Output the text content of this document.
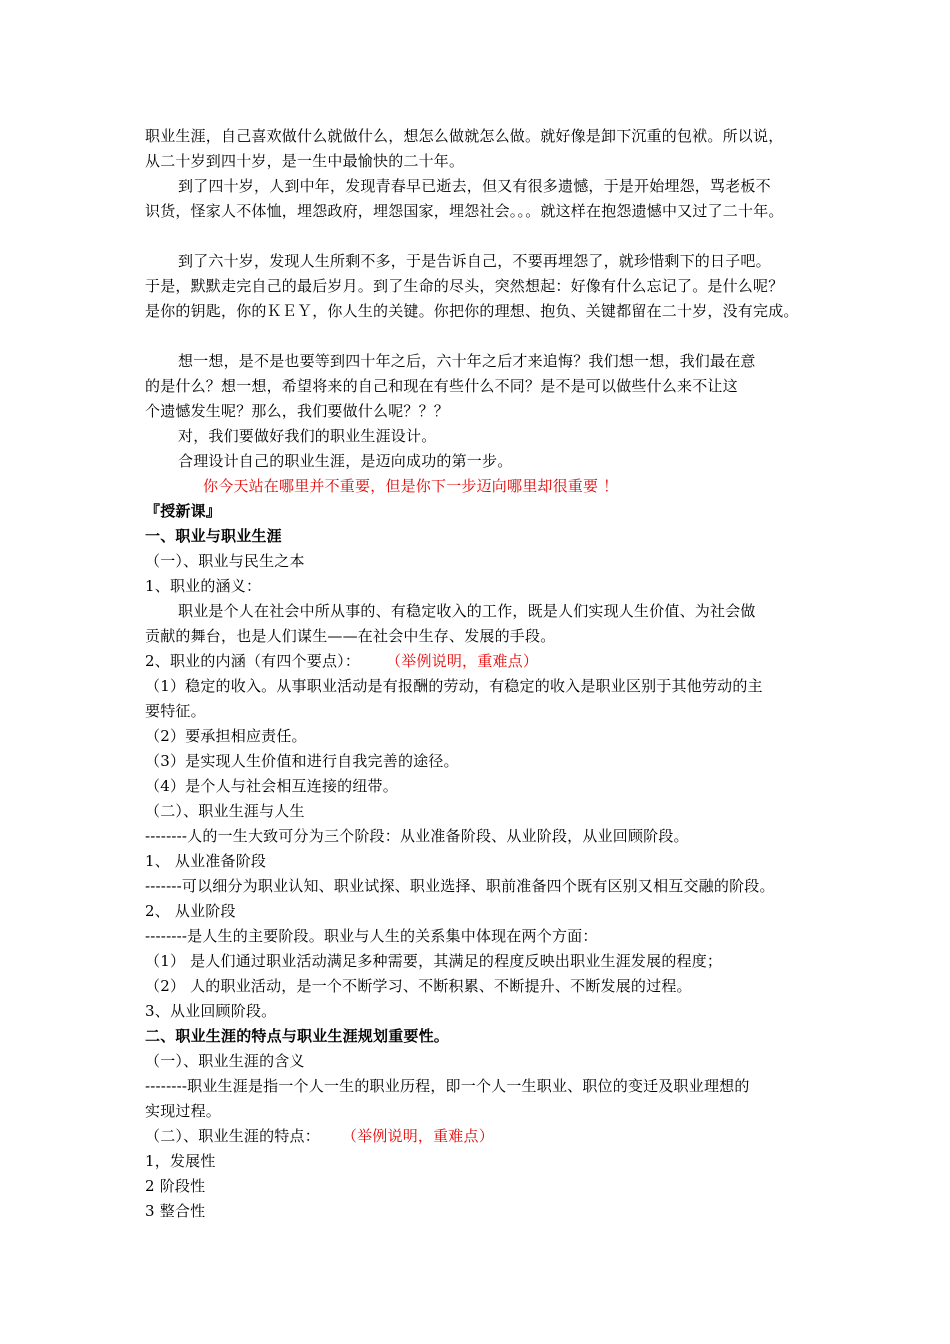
职业生涯，自己喜欢做什么就做什么，想怎么做就怎么做。就好像是卸下沉重的包袱。所以说，
从二十岁到四十岁，是一生中最愉快的二十年。
到了四十岁，人到中年，发现青春早已逝去，但又有很多遗憾，于是开始埋怨，骂老板不
识货，怪家人不体恤，埋怨政府，埋怨国家，埋怨社会。。。就这样在抱怨遗憾中又过了二十年。
到了六十岁，发现人生所剩不多，于是告诉自己，不要再埋怨了，就珍惜剩下的日子吧。
于是，默默走完自己的最后岁月。到了生命的尽头，突然想起：好像有什么忘记了。是什么呢？
是你的钥匙，你的ＫＥＹ，你人生的关键。你把你的理想、抱负、关键都留在二十岁，没有完成。
想一想，是不是也要等到四十年之后，六十年之后才来追悔？我们想一想，我们最在意
的是什么？想一想，希望将来的自己和现在有些什么不同？是不是可以做些什么来不让这
个遗憾发生呢？那么，我们要做什么呢？？？
对，我们要做好我们的职业生涯设计。
合理设计自己的职业生涯，是迈向成功的第一步。
你今天站在哪里并不重要，但是你下一步迈向哪里却很重要 ！
『授新课』
一、职业与职业生涯
（一）、职业与民生之本
1、职业的涵义：
职业是个人在社会中所从事的、有稳定收入的工作，既是人们实现人生价值、为社会做
贡献的舞台，也是人们谋生——在社会中生存、发展的手段。
2、职业的内涵（有四个要点）： （举例说明，重难点）
（1）稳定的收入。从事职业活动是有报酬的劳动，有稳定的收入是职业区别于其他劳动的主
要特征。
（2）要承担相应责任。
（3）是实现人生价值和进行自我完善的途径。
（4）是个人与社会相互连接的纽带。
（二）、职业生涯与人生
--------人的一生大致可分为三个阶段：从业准备阶段、从业阶段，从业回顾阶段。
1、 从业准备阶段
-------可以细分为职业认知、职业试探、职业选择、职前准备四个既有区别又相互交融的阶段。
2、 从业阶段
--------是人生的主要阶段。职业与人生的关系集中体现在两个方面：
（1） 是人们通过职业活动满足多种需要，其满足的程度反映出职业生涯发展的程度；
（2） 人的职业活动，是一个不断学习、不断积累、不断提升、不断发展的过程。
3、从业回顾阶段。
二、职业生涯的特点与职业生涯规划重要性。
（一）、职业生涯的含义
--------职业生涯是指一个人一生的职业历程，即一个人一生职业、职位的变迁及职业理想的
实现过程。
（二）、职业生涯的特点： （举例说明，重难点）
1，发展性
2 阶段性
3 整合性
